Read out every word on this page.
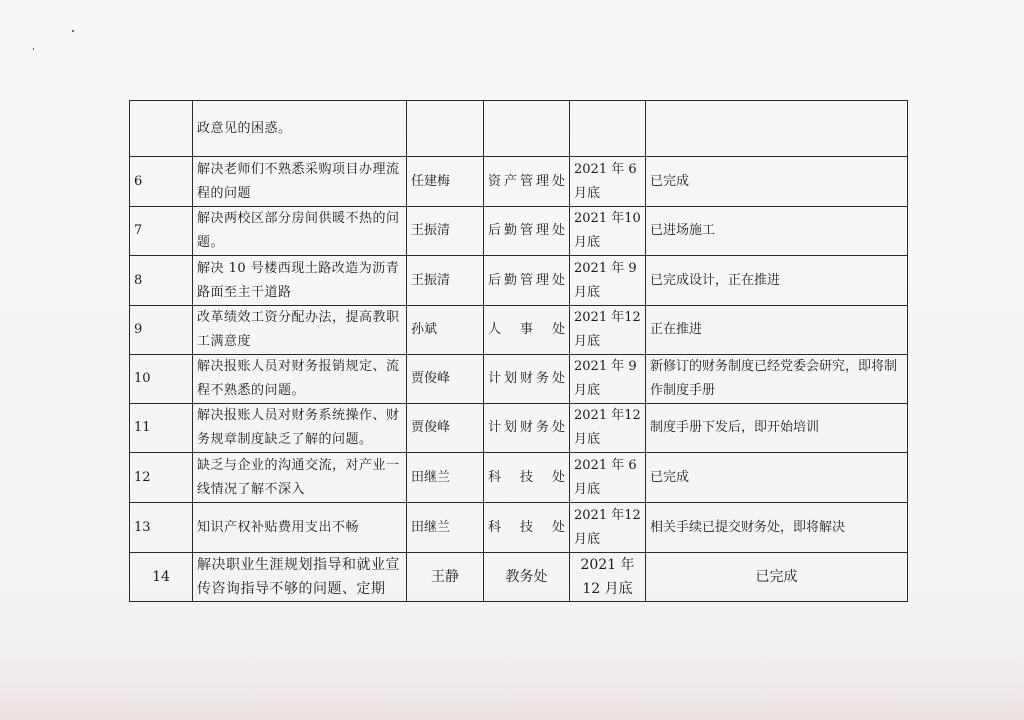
	政意见的困惑。				
6	解决老师们不熟悉采购项目办理流程的问题	任建梅	资产管理处	2021 年 6 月底	已完成
7	解决两校区部分房间供暖不热的问题。	王振清	后勤管理处	2021 年10 月底	已进场施工
8	解决 10 号楼西现土路改造为沥青路面至主干道路	王振清	后勤管理处	2021 年 9 月底	已完成设计，正在推进
9	改革绩效工资分配办法，提高教职工满意度	孙斌	人事处	2021 年12 月底	正在推进
10	解决报账人员对财务报销规定、流程不熟悉的问题。	贾俊峰	计划财务处	2021 年 9 月底	新修订的财务制度已经党委会研究，即将制作制度手册
11	解决报账人员对财务系统操作、财务规章制度缺乏了解的问题。	贾俊峰	计划财务处	2021 年12 月底	制度手册下发后，即开始培训
12	缺乏与企业的沟通交流，对产业一线情况了解不深入	田继兰	科技处	2021 年 6 月底	已完成
13	知识产权补贴费用支出不畅	田继兰	科技处	2021 年12 月底	相关手续已提交财务处，即将解决
14	解决职业生涯规划指导和就业宣传咨询指导不够的问题、定期	王静	教务处	2021 年12 月底	已完成
